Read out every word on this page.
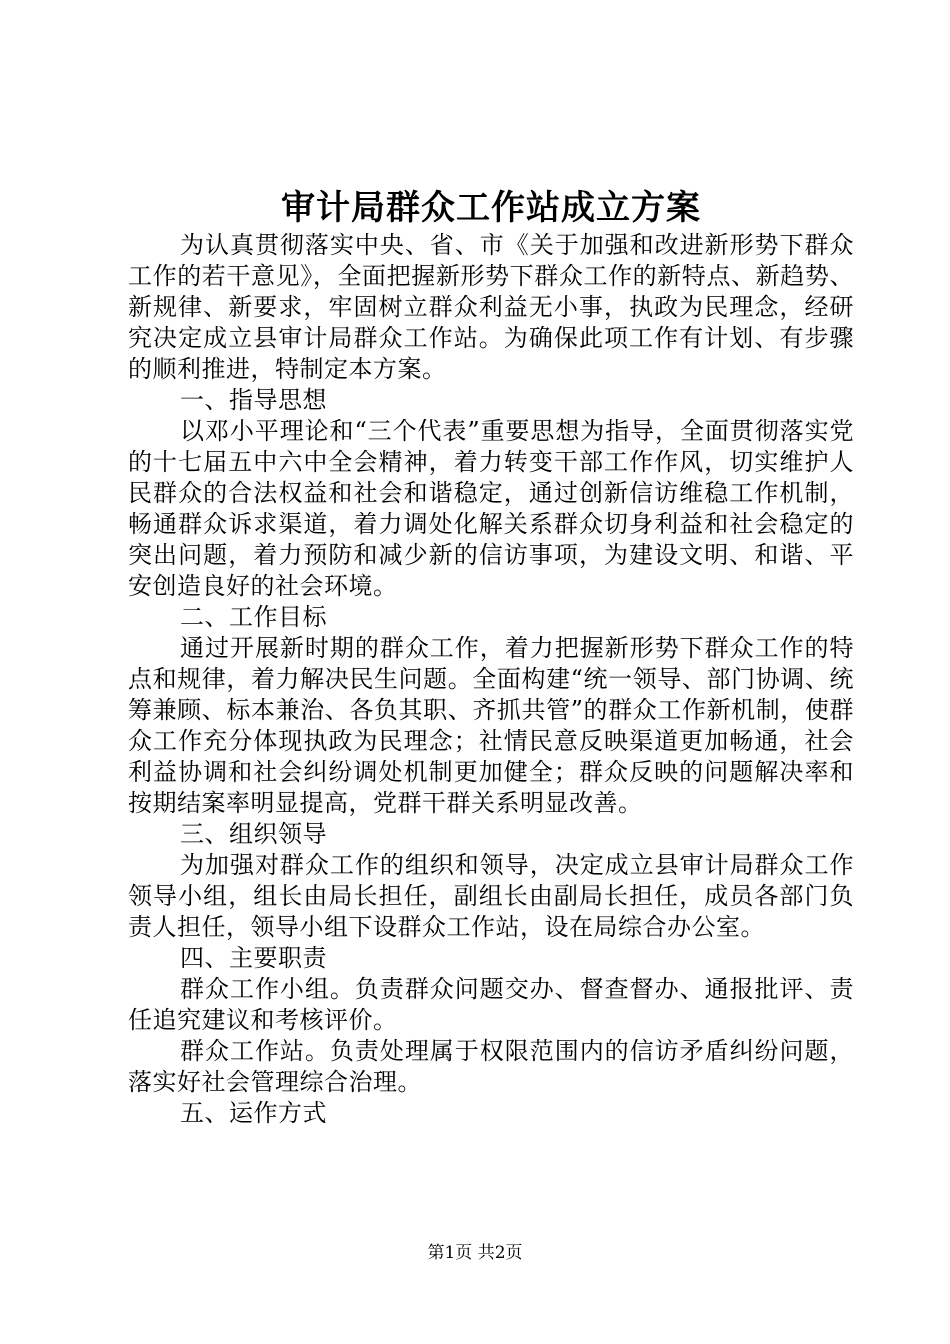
审计局群众工作站成立方案

为认真贯彻落实中央、省、市《关于加强和改进新形势下群众工作的若干意见》，全面把握新形势下群众工作的新特点、新趋势、新规律、新要求，牢固树立群众利益无小事，执政为民理念，经研究决定成立县审计局群众工作站。为确保此项工作有计划、有步骤的顺利推进，特制定本方案。

一、指导思想

以邓小平理论和“三个代表”重要思想为指导，全面贯彻落实党的十七届五中六中全会精神，着力转变干部工作作风，切实维护人民群众的合法权益和社会和谐稳定，通过创新信访维稳工作机制，畅通群众诉求渠道，着力调处化解关系群众切身利益和社会稳定的突出问题，着力预防和减少新的信访事项，为建设文明、和谐、平安创造良好的社会环境。

二、工作目标

通过开展新时期的群众工作，着力把握新形势下群众工作的特点和规律，着力解决民生问题。全面构建“统一领导、部门协调、统筹兼顾、标本兼治、各负其职、齐抓共管”的群众工作新机制，使群众工作充分体现执政为民理念；社情民意反映渠道更加畅通，社会利益协调和社会纠纷调处机制更加健全；群众反映的问题解决率和按期结案率明显提高，党群干群关系明显改善。

三、组织领导

为加强对群众工作的组织和领导，决定成立县审计局群众工作领导小组，组长由局长担任，副组长由副局长担任，成员各部门负责人担任，领导小组下设群众工作站，设在局综合办公室。

四、主要职责

群众工作小组。负责群众问题交办、督查督办、通报批评、责任追究建议和考核评价。

群众工作站。负责处理属于权限范围内的信访矛盾纠纷问题，落实好社会管理综合治理。

五、运作方式

第1页 共2页
